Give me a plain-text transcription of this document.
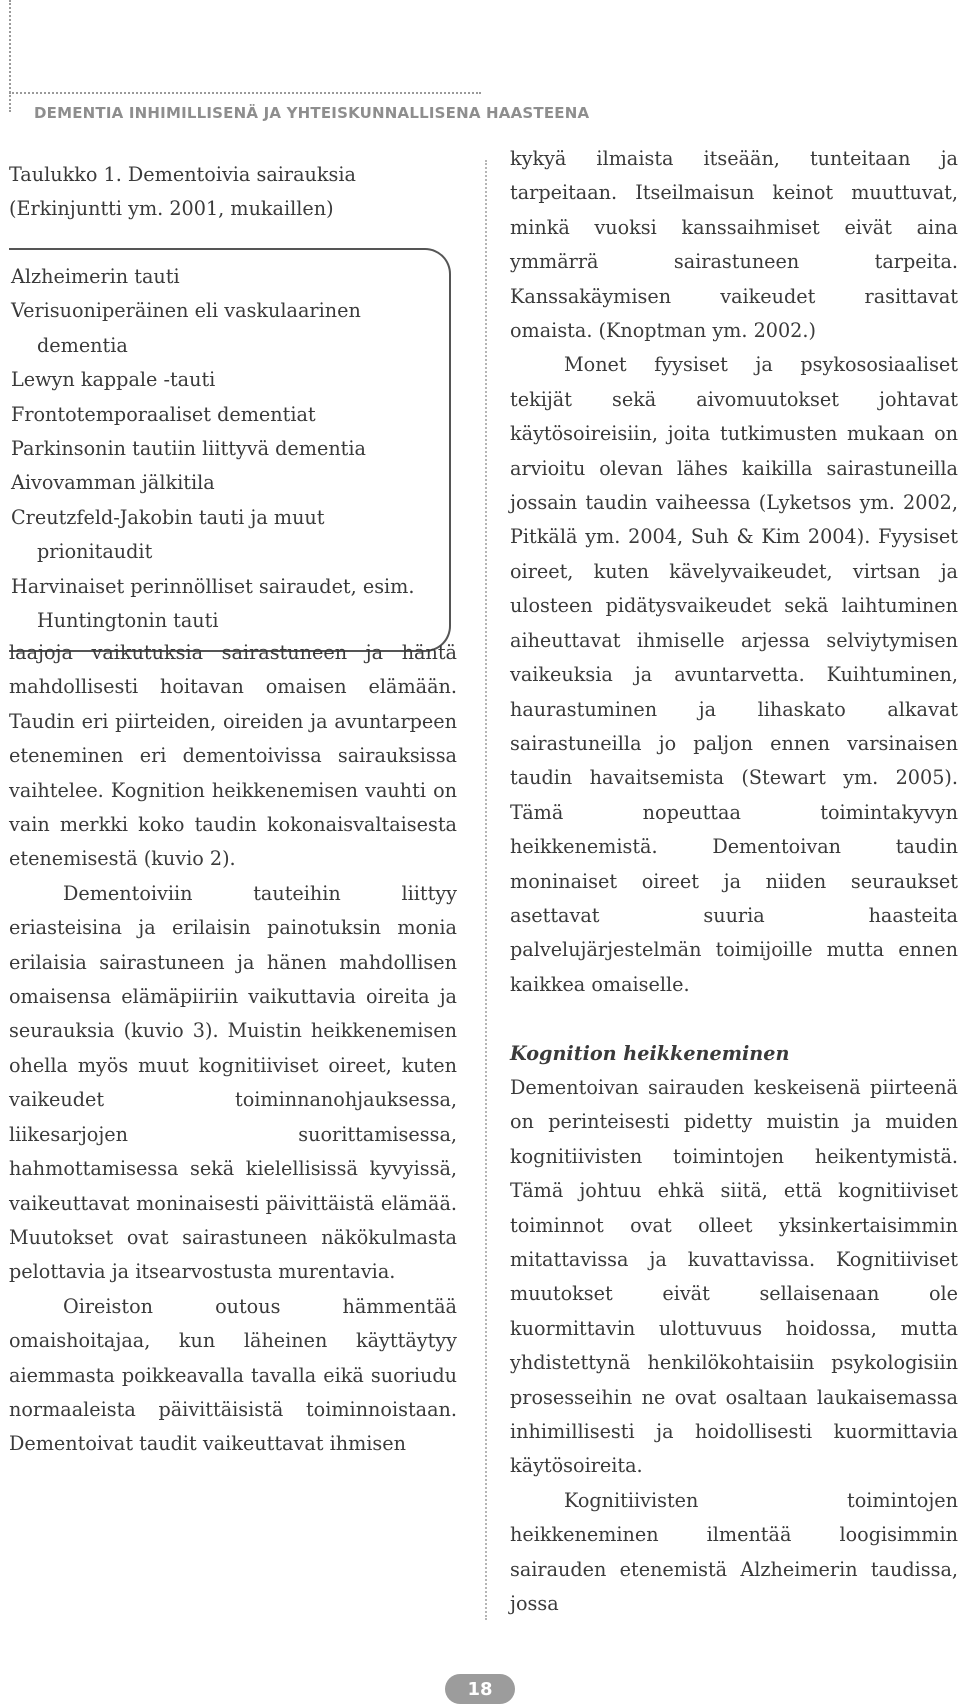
DEMENTIA INHIMILLISENÄ JA YHTEISKUNNALLISENA HAASTEENA

Taulukko 1. Dementoivia sairauksia (Erkinjuntti ym. 2001, mukaillen)

Alzheimerin tauti
Verisuoniperäinen eli vaskulaarinen
dementia
Lewyn kappale -tauti
Frontotemporaaliset dementiat
Parkinsonin tautiin liittyvä dementia
Aivovamman jälkitila
Creutzfeld-Jakobin tauti ja muut
prionitaudit
Harvinaiset perinnölliset sairaudet, esim.
Huntingtonin tauti

laajoja vaikutuksia sairastuneen ja häntä mahdollisesti hoitavan omaisen elämään. Taudin eri piirteiden, oireiden ja avuntarpeen eteneminen eri dementoivissa sairauksissa vaihtelee. Kognition heikkenemisen vauhti on vain merkki koko taudin kokonaisvaltaisesta etenemisestä (kuvio 2).

Dementoiviin tauteihin liittyy eriasteisina ja erilaisin painotuksin monia erilaisia sairastuneen ja hänen mahdollisen omaisensa elämäpiiriin vaikuttavia oireita ja seurauksia (kuvio 3). Muistin heikkenemisen ohella myös muut kognitiiviset oireet, kuten vaikeudet toiminnanohjauksessa, liikesarjojen suorittamisessa, hahmottamisessa sekä kielellisissä kyvyissä, vaikeuttavat moninaisesti päivittäistä elämää. Muutokset ovat sairastuneen näkökulmasta pelottavia ja itsearvostusta murentavia.

Oireiston outous hämmentää omaishoitajaa, kun läheinen käyttäytyy aiemmasta poikkeavalla tavalla eikä suoriudu normaaleista päivittäisistä toiminnoistaan. Dementoivat taudit vaikeuttavat ihmisen

kykyä ilmaista itseään, tunteitaan ja tarpeitaan. Itseilmaisun keinot muuttuvat, minkä vuoksi kanssaihmiset eivät aina ymmärrä sairastuneen tarpeita. Kanssakäymisen vaikeudet rasittavat omaista. (Knoptman ym. 2002.)

Monet fyysiset ja psykososiaaliset tekijät sekä aivomuutokset johtavat käytösoireisiin, joita tutkimusten mukaan on arvioitu olevan lähes kaikilla sairastuneilla jossain taudin vaiheessa (Lyketsos ym. 2002, Pitkälä ym. 2004, Suh & Kim 2004). Fyysiset oireet, kuten kävelyvaikeudet, virtsan ja ulosteen pidätysvaikeudet sekä laihtuminen aiheuttavat ihmiselle arjessa selviytymisen vaikeuksia ja avuntarvetta. Kuihtuminen, haurastuminen ja lihaskato alkavat sairastuneilla jo paljon ennen varsinaisen taudin havaitsemista (Stewart ym. 2005). Tämä nopeuttaa toimintakyvyn heikkenemistä. Dementoivan taudin moninaiset oireet ja niiden seuraukset asettavat suuria haasteita palvelujärjestelmän toimijoille mutta ennen kaikkea omaiselle.

Kognition heikkeneminen

Dementoivan sairauden keskeisenä piirteenä on perinteisesti pidetty muistin ja muiden kognitiivisten toimintojen heikentymistä. Tämä johtuu ehkä siitä, että kognitiiviset toiminnot ovat olleet yksinkertaisimmin mitattavissa ja kuvattavissa. Kognitiiviset muutokset eivät sellaisenaan ole kuormittavin ulottuvuus hoidossa, mutta yhdistettynä henkilökohtaisiin psykologisiin prosesseihin ne ovat osaltaan laukaisemassa inhimillisesti ja hoidollisesti kuormittavia käytösoireita.

Kognitiivisten toimintojen heikkeneminen ilmentää loogisimmin sairauden etenemistä Alzheimerin taudissa, jossa

18
